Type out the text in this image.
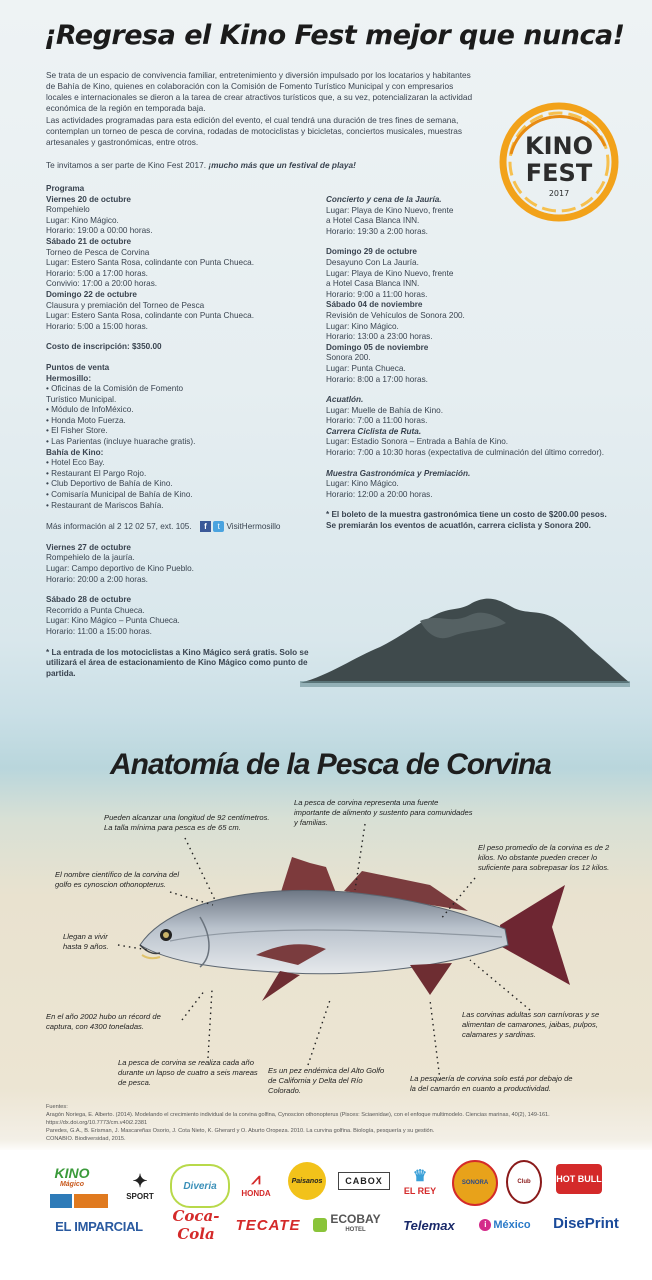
¡Regresa el Kino Fest mejor que nunca!

Se trata de un espacio de convivencia familiar, entretenimiento y diversión impulsado por los locatarios y habitantes de Bahía de Kino, quienes en colaboración con la Comisión de Fomento Turístico Municipal y con empresarios locales e internacionales se dieron a la tarea de crear atractivos turísticos que, a su vez, potencializaran la actividad económica de la región en temporada baja.

Las actividades programadas para esta edición del evento, el cual tendrá una duración de tres fines de semana, contemplan un torneo de pesca de corvina, rodadas de motociclistas y bicicletas, conciertos musicales, muestras artesanales y gastronómicas, entre otros.

Te invitamos a ser parte de Kino Fest 2017. ¡mucho más que un festival de playa!

KINO
FEST
2017

Programa

Viernes 20 de octubre

Rompehielo

Lugar: Kino Mágico.

Horario: 19:00 a 00:00 horas.

Sábado 21 de octubre

Torneo de Pesca de Corvina

Lugar: Estero Santa Rosa, colindante con Punta Chueca.

Horario: 5:00 a 17:00 horas.

Convivio: 17:00 a 20:00 horas.

Domingo 22 de octubre

Clausura y premiación del Torneo de Pesca

Lugar: Estero Santa Rosa, colindante con Punta Chueca.

Horario: 5:00 a 15:00 horas.

Costo de inscripción: $350.00

Puntos de venta

Hermosillo:

• Oficinas de la Comisión de Fomento

Turístico Municipal.

• Módulo de InfoMéxico.

• Honda Moto Fuerza.

• El Fisher Store.

• Las Parientas (incluye huarache gratis).

Bahía de Kino:

• Hotel Eco Bay.

• Restaurant El Pargo Rojo.

• Club Deportivo de Bahía de Kino.

• Comisaría Municipal de Bahía de Kino.

• Restaurant de Mariscos Bahía.

Más información al 2 12 02 57, ext. 105. f t VisitHermosillo

Viernes 27 de octubre

Rompehielo de la jauría.

Lugar: Campo deportivo de Kino Pueblo.

Horario: 20:00 a 2:00 horas.

Sábado 28 de octubre

Recorrido a Punta Chueca.

Lugar: Kino Mágico – Punta Chueca.

Horario: 11:00 a 15:00 horas.

* La entrada de los motociclistas a Kino Mágico será gratis. Solo se utilizará el área de estacionamiento de Kino Mágico como punto de partida.

Concierto y cena de la Jauría.

Lugar: Playa de Kino Nuevo, frente

a Hotel Casa Blanca INN.

Horario: 19:30 a 2:00 horas.

Domingo 29 de octubre

Desayuno Con La Jauría.

Lugar: Playa de Kino Nuevo, frente

a Hotel Casa Blanca INN.

Horario: 9:00 a 11:00 horas.

Sábado 04 de noviembre

Revisión de Vehículos de Sonora 200.

Lugar: Kino Mágico.

Horario: 13:00 a 23:00 horas.

Domingo 05 de noviembre

Sonora 200.

Lugar: Punta Chueca.

Horario: 8:00 a 17:00 horas.

Acuatlón.

Lugar: Muelle de Bahía de Kino.

Horario: 7:00 a 11:00 horas.

Carrera Ciclista de Ruta.

Lugar: Estadio Sonora – Entrada a Bahía de Kino.

Horario: 7:00 a 10:30 horas (expectativa de culminación del último corredor).

Muestra Gastronómica y Premiación.

Lugar: Kino Mágico.

Horario: 12:00 a 20:00 horas.

* El boleto de la muestra gastronómica tiene un costo de $200.00 pesos. Se premiarán los eventos de acuatlón, carrera ciclista y Sonora 200.

Anatomía de la Pesca de Corvina

Pueden alcanzar una longitud de 92 centímetros. La talla mínima para pesca es de 65 cm.

La pesca de corvina representa una fuente importante de alimento y sustento para comunidades y familias.

El peso promedio de la corvina es de 2 kilos. No obstante pueden crecer lo suficiente para sobrepasar los 12 kilos.

El nombre científico de la corvina del golfo es cynoscion othonopterus.

Llegan a vivir hasta 9 años.

En el año 2002 hubo un récord de captura, con 4300 toneladas.

Las corvinas adultas son carnívoras y se alimentan de camarones, jaibas, pulpos, calamares y sardinas.

La pesca de corvina se realiza cada año durante un lapso de cuatro a seis mareas de pesca.

Es un pez endémica del Alto Golfo de California y Delta del Río Colorado.

La pesquería de corvina solo está por debajo de la del camarón en cuanto a productividad.

Fuentes:

Aragón Noriega, E. Alberto. (2014). Modelando el crecimiento individual de la corvina golfina, Cynoscion othonopterus (Pisces: Sciaenidae), con el enfoque multimodelo. Ciencias marinas, 40(2), 149-161. https://dx.doi.org/10.7773/cm.v40i2.2381

Paredes, G.A., B. Erisman, J. Mascareñas Osorio, J. Cota Nieto, K. Gherard y O. Aburto Oropeza. 2010. La curvina golfina. Biología, pesquería y su gestión.

CONABIO. Biodiversidad, 2015.

KINO
Mágico	✦
SPORT
Diveria	⩘
HONDA
Paisanos	CABOX	♛
EL REY
SONORA	Club	HOT BULL
EL IMPARCIAL
Coca-Cola	TECATE ECOBAY
HOTEL	Telemax	i México	DisePrint
